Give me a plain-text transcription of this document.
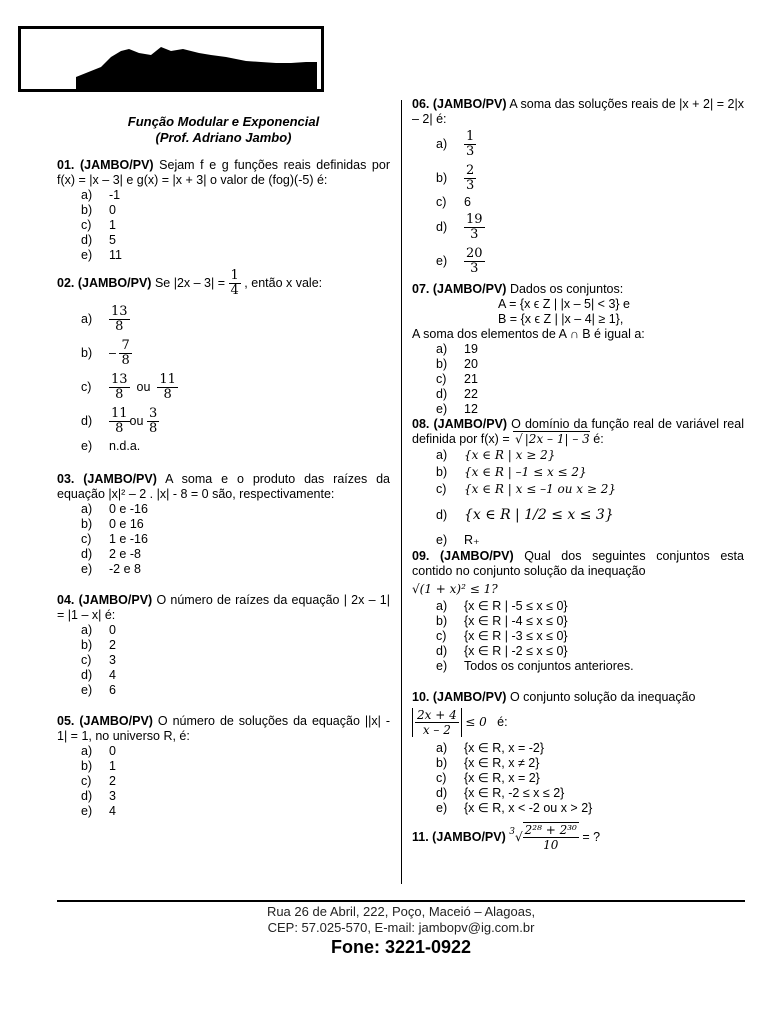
Função Modular e Exponencial
(Prof. Adriano Jambo)
01. (JAMBO/PV) Sejam f e g funções reais definidas por f(x) = |x – 3| e g(x) = |x + 3| o valor de (fog)(-5) é:
a)	-1
b)	0
c)	1
d)	5
e)	11
02. (JAMBO/PV)
Se |2x – 3| =
$\frac{1}{4}$
, então x vale:
a)	$\frac{13}{8}$
b)	–
$\frac{7}{8}$
c)	$\frac{13}{8}$
ou
$\frac{11}{8}$
d)	$\frac{11}{8}$ ou
$\frac{3}{8}$
e)	n.d.a.
03. (JAMBO/PV) A soma e o produto das raízes da equação |x|² – 2 . |x| - 8 = 0 são, respectivamente:
a)	0 e -16
b)	0 e 16
c)	1 e -16
d)	2 e -8
e)	-2 e 8
04. (JAMBO/PV) O número de raízes da equação | 2x – 1| = |1 – x| é:
a)	0
b)	2
c)	3
d)	4
e)	6
05. (JAMBO/PV) O número de soluções da equação ||x| - 1| = 1, no universo R, é:
a)	0
b)	1
c)	2
d)	3
e)	4
06. (JAMBO/PV) A soma das soluções reais de |x + 2| = 2|x – 2| é:
a)	$\frac{1}{3}$
b)	$\frac{2}{3}$
c)	6
d)	$\frac{19}{3}$
e)	$\frac{20}{3}$
07. (JAMBO/PV) Dados os conjuntos:
A = {x ϵ Z | |x – 5| < 3} e
B = {x ϵ Z | |x – 4| ≥ 1},
A soma dos elementos de A ∩ B é igual a:
a)	19
b)	20
c)	21
d)	22
e)	12
08. (JAMBO/PV) O domínio da função real de variável real definida por f(x) = √ |2x – 1| – 3 é:
a)	{x ∈ R | x ≥ 2}
b)	{x ∈ R | –1 ≤ x ≤ 2}
c)	{x ∈ R | x ≤ –1 ou x ≥ 2}
d)	{x ∈ R | 1/2 ≤ x ≤ 3}
e)	R₊
09. (JAMBO/PV) Qual dos seguintes conjuntos esta contido no conjunto solução da inequação
√(1 + x)² ≤ 1?
a)	{x ∈ R | -5 ≤ x ≤ 0}
b)	{x ∈ R | -4 ≤ x ≤ 0}
c)	{x ∈ R | -3 ≤ x ≤ 0}
d)	{x ∈ R | -2 ≤ x ≤ 0}
e)	Todos os conjuntos anteriores.
10. (JAMBO/PV) O conjunto solução da inequação
$\frac{2x + 4}{x - 2}$
≤ 0
é:
a)	{x ∈ R, x = -2}
b)	{x ∈ R, x ≠ 2}
c)	{x ∈ R, x = 2}
d)	{x ∈ R, -2 ≤ x ≤ 2}
e)	{x ∈ R, x < -2 ou x > 2}
11. (JAMBO/PV)
3 √ $\frac{\text{2²⁸ + 2³⁰}}{10}$
= ?
Rua 26 de Abril, 222, Poço, Maceió – Alagoas,
CEP: 57.025-570, E-mail: jambopv@ig.com.br
Fone: 3221-0922
